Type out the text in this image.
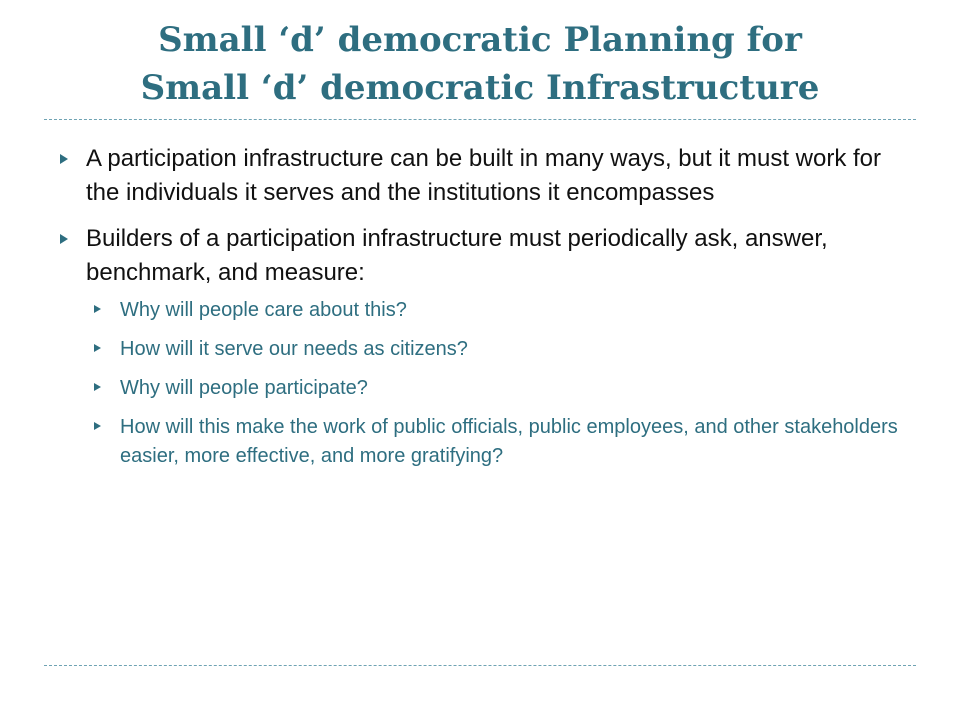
Small ‘d’ democratic Planning for
Small ‘d’ democratic Infrastructure
A participation infrastructure can be built in many ways, but it must work for the individuals it serves and the institutions it encompasses
Builders of a participation infrastructure must periodically ask, answer, benchmark, and measure:
Why will people care about this?
How will it serve our needs as citizens?
Why will people participate?
How will this make the work of public officials, public employees, and other stakeholders easier, more effective, and more gratifying?
